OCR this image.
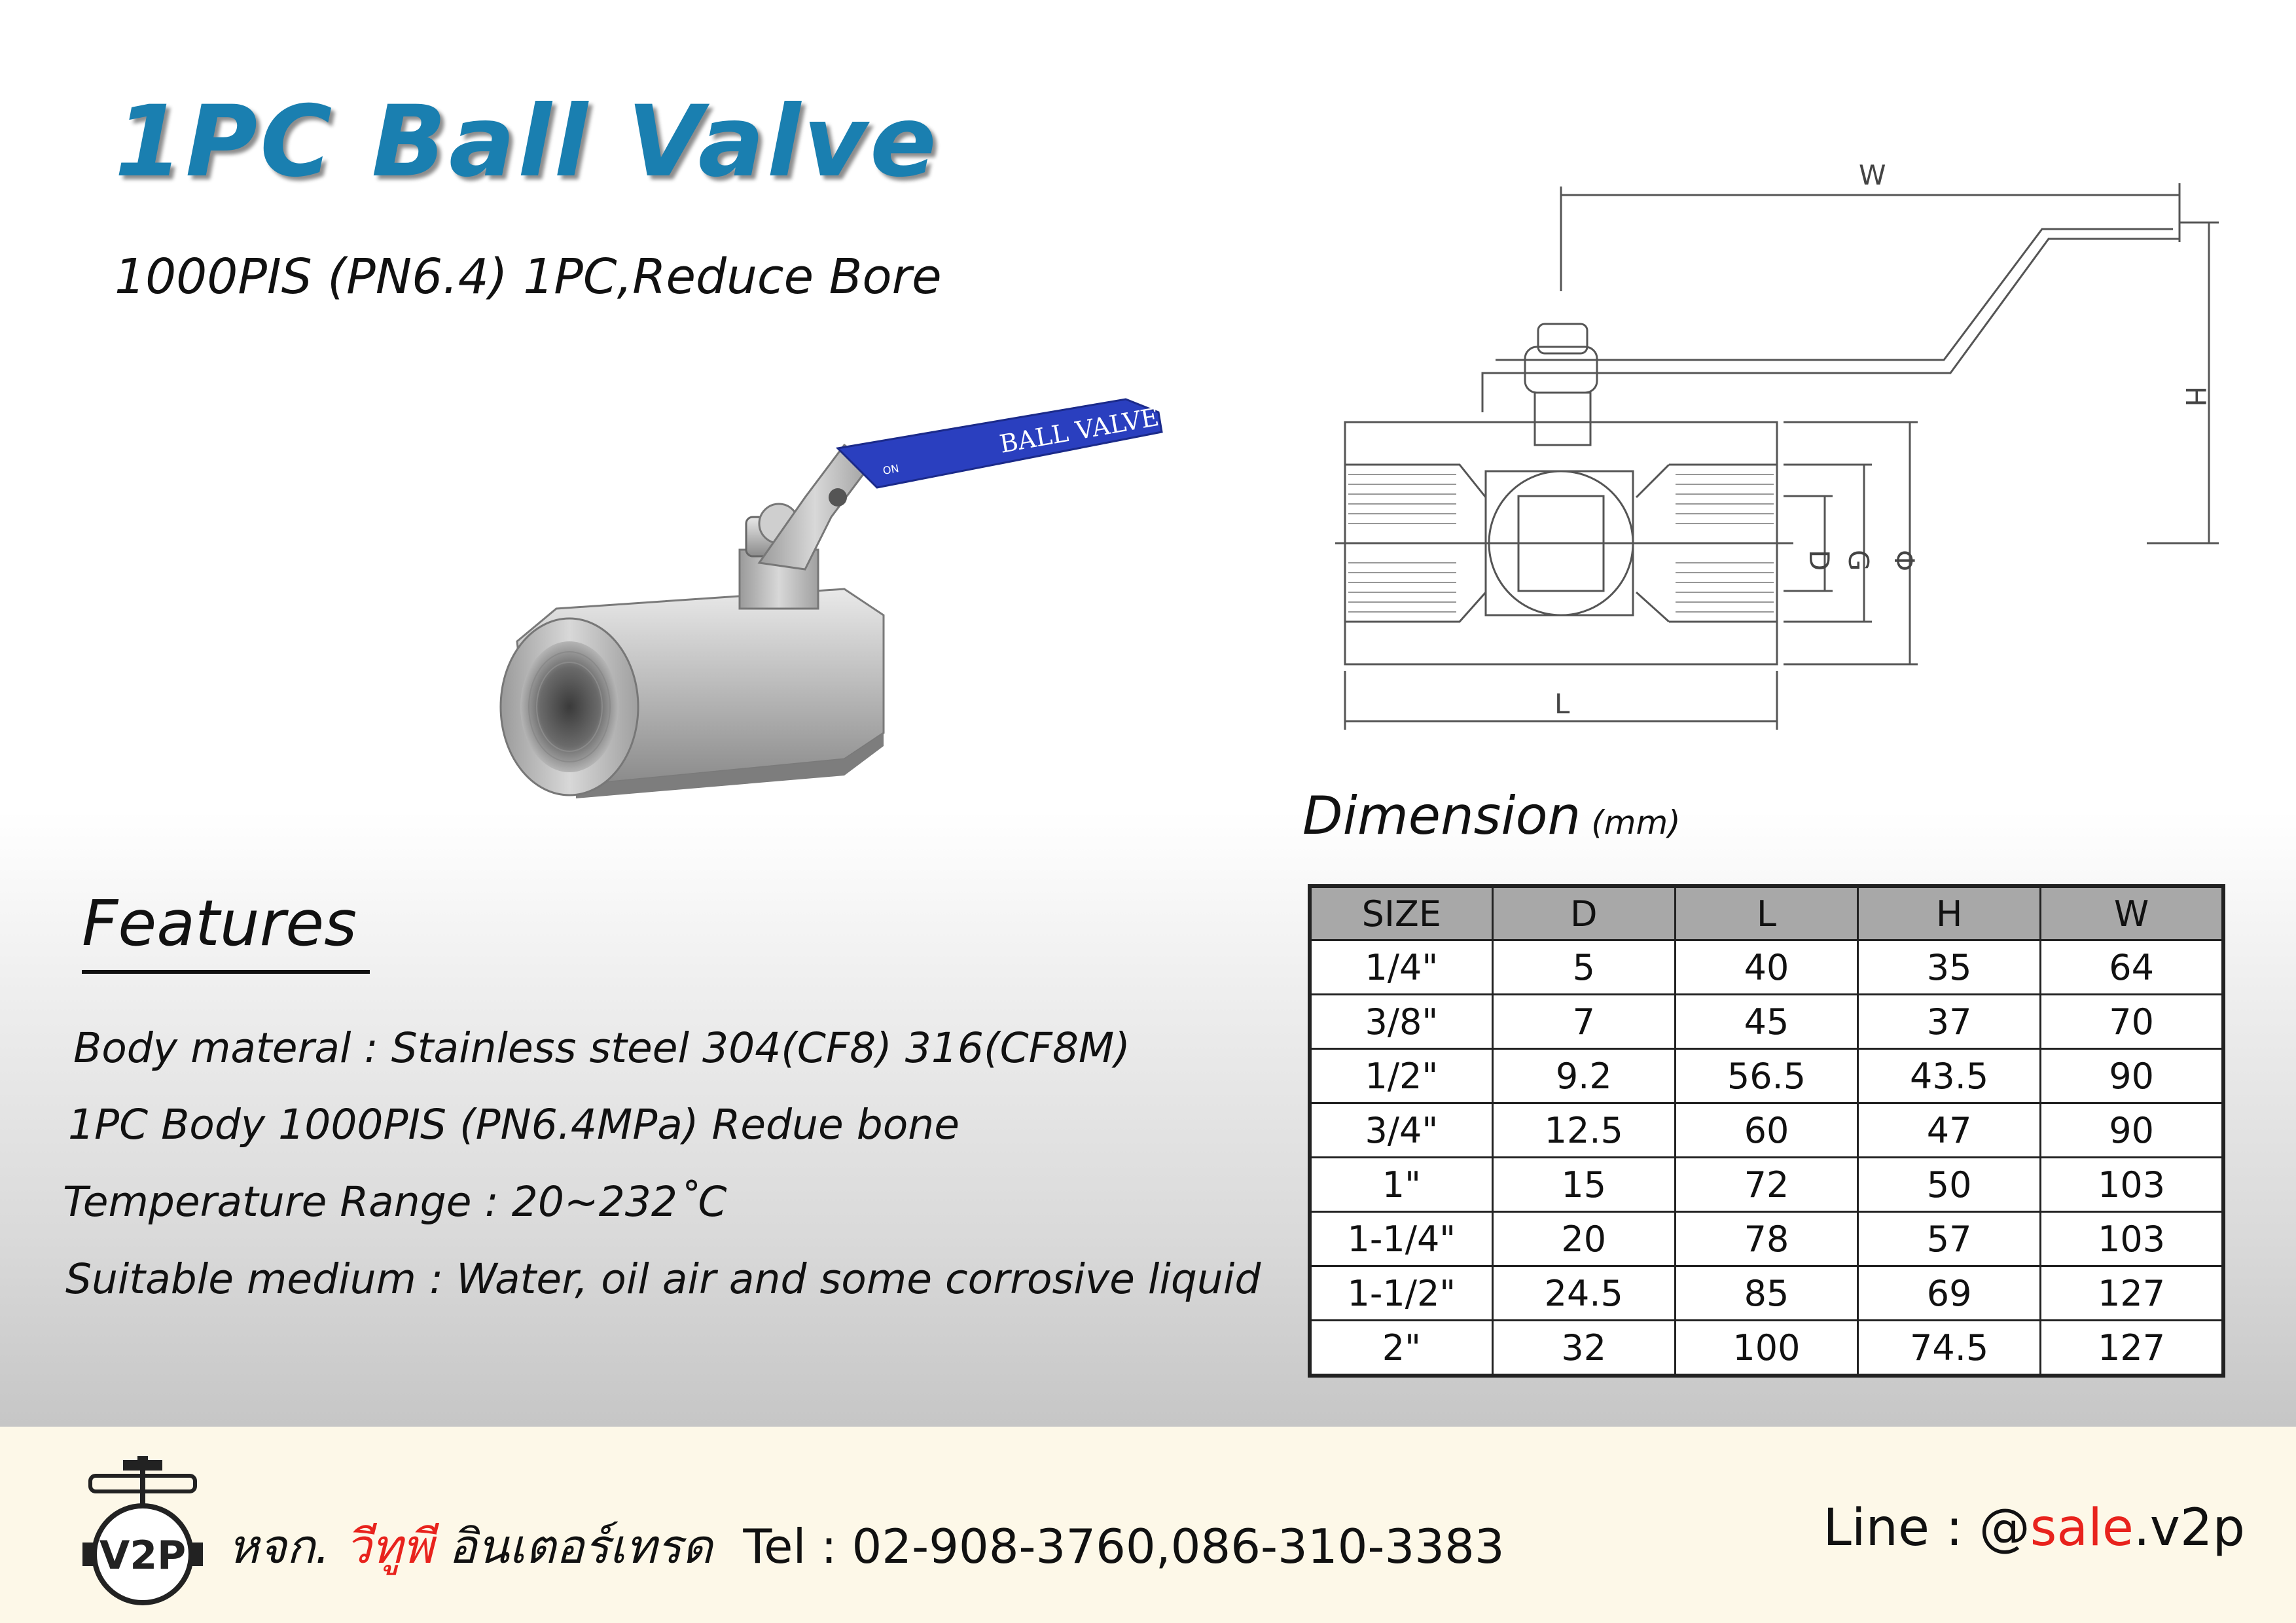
1PC Ball Valve
1000PIS (PN6.4) 1PC,Reduce Bore
BALL VALVE
ON
OFF
W
H
D G Φ
L
Dimension (mm)
SIZE	D	L	H	W
1/4"	5	40	35	64
3/8"	7	45	37	70
1/2"	9.2	56.5	43.5	90
3/4"	12.5	60	47	90
1"	15	72	50	103
1-1/4"	20	78	57	103
1-1/2"	24.5	85	69	127
2"	32	100	74.5	127
Features
Body materal : Stainless steel 304(CF8) 316(CF8M)
1PC Body 1000PIS (PN6.4MPa) Redue bone
Temperature Range : 20~232˚C
Suitable medium : Water, oil air and some corrosive liquid
V2P หจก. วีทูพี อินเตอร์เทรด Tel : 02-908-3760,086-310-3383	Line : @sale.v2p
